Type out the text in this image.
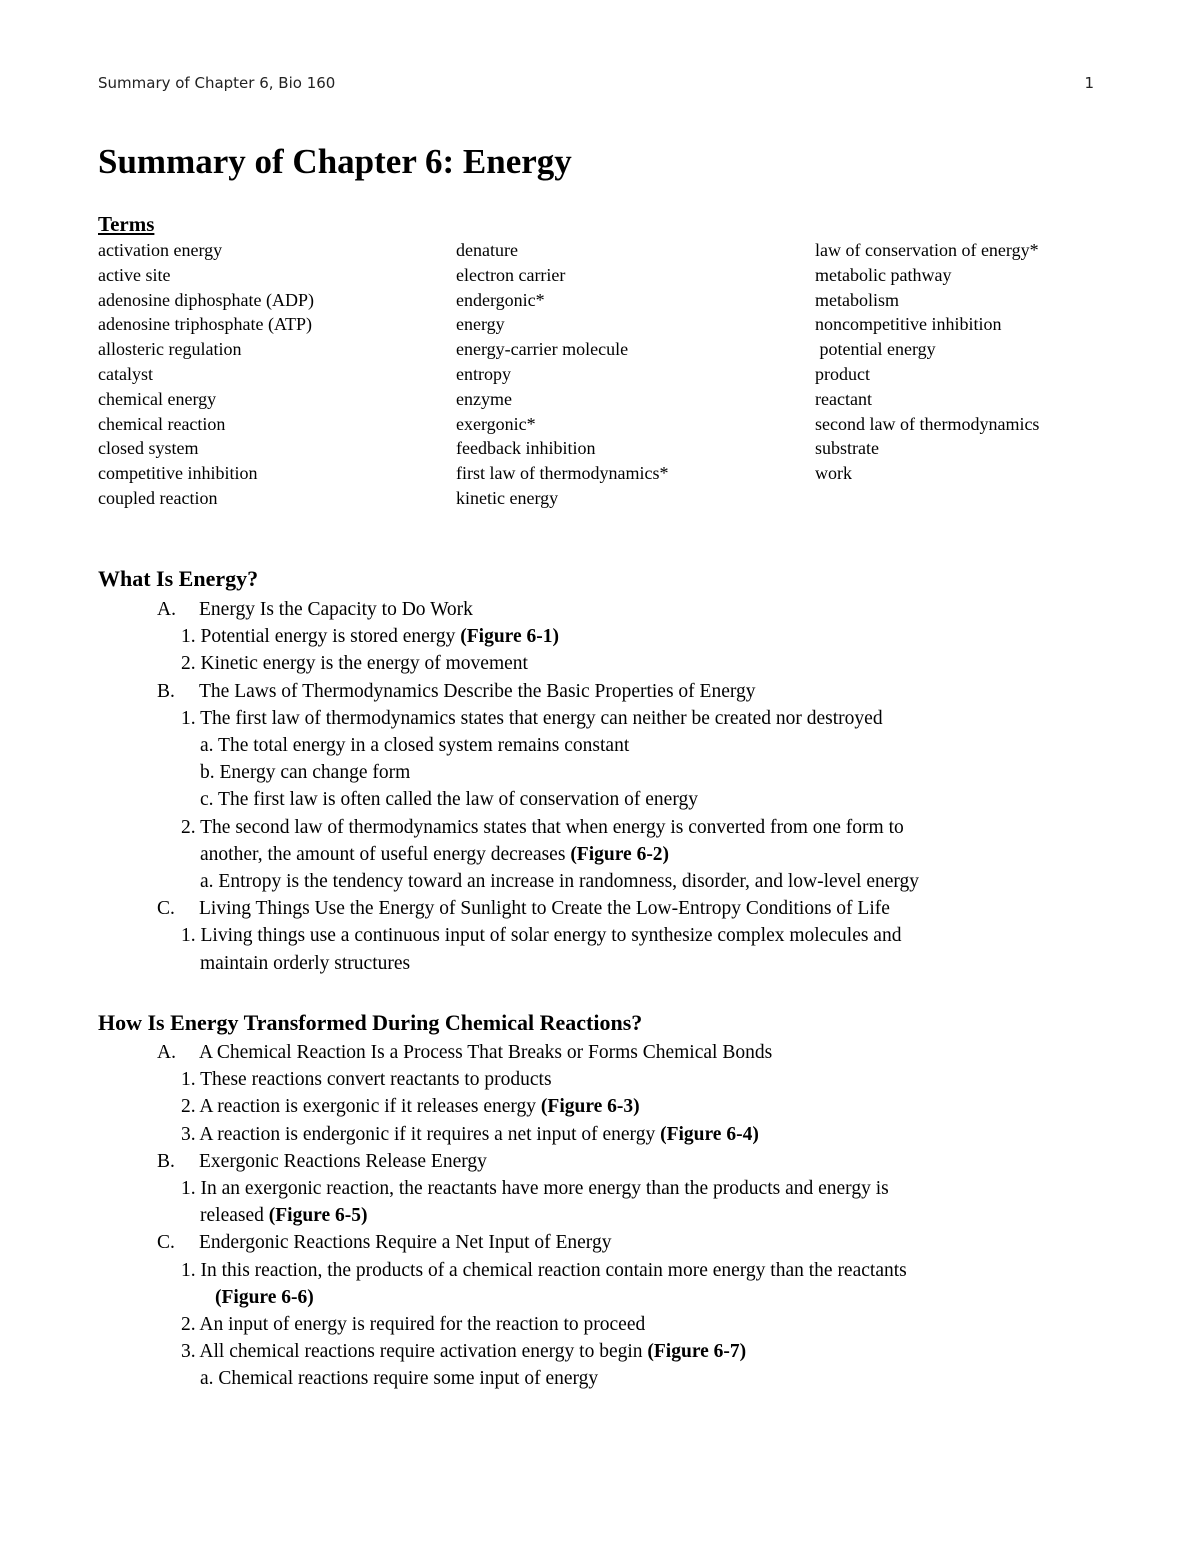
Summary of Chapter 6, Bio 160	1
Summary of Chapter 6: Energy
Terms
activation energy
active site
adenosine diphosphate (ADP)
adenosine triphosphate (ATP)
allosteric regulation
catalyst
chemical energy
chemical reaction
closed system
competitive inhibition
coupled reaction
denature
electron carrier
endergonic*
energy
energy-carrier molecule
entropy
enzyme
exergonic*
feedback inhibition
first law of thermodynamics*
kinetic energy
law of conservation of energy*
metabolic pathway
metabolism
noncompetitive inhibition
potential energy
product
reactant
second law of thermodynamics
substrate
work
What Is Energy?
A. Energy Is the Capacity to Do Work
1. Potential energy is stored energy (Figure 6-1)
2. Kinetic energy is the energy of movement
B. The Laws of Thermodynamics Describe the Basic Properties of Energy
1. The first law of thermodynamics states that energy can neither be created nor destroyed
a. The total energy in a closed system remains constant
b. Energy can change form
c. The first law is often called the law of conservation of energy
2. The second law of thermodynamics states that when energy is converted from one form to
another, the amount of useful energy decreases (Figure 6-2)
a. Entropy is the tendency toward an increase in randomness, disorder, and low-level energy
C. Living Things Use the Energy of Sunlight to Create the Low-Entropy Conditions of Life
1. Living things use a continuous input of solar energy to synthesize complex molecules and
maintain orderly structures
How Is Energy Transformed During Chemical Reactions?
A. A Chemical Reaction Is a Process That Breaks or Forms Chemical Bonds
1. These reactions convert reactants to products
2. A reaction is exergonic if it releases energy (Figure 6-3)
3. A reaction is endergonic if it requires a net input of energy (Figure 6-4)
B. Exergonic Reactions Release Energy
1. In an exergonic reaction, the reactants have more energy than the products and energy is
released (Figure 6-5)
C. Endergonic Reactions Require a Net Input of Energy
1. In this reaction, the products of a chemical reaction contain more energy than the reactants
(Figure 6-6)
2. An input of energy is required for the reaction to proceed
3. All chemical reactions require activation energy to begin (Figure 6-7)
a. Chemical reactions require some input of energy
